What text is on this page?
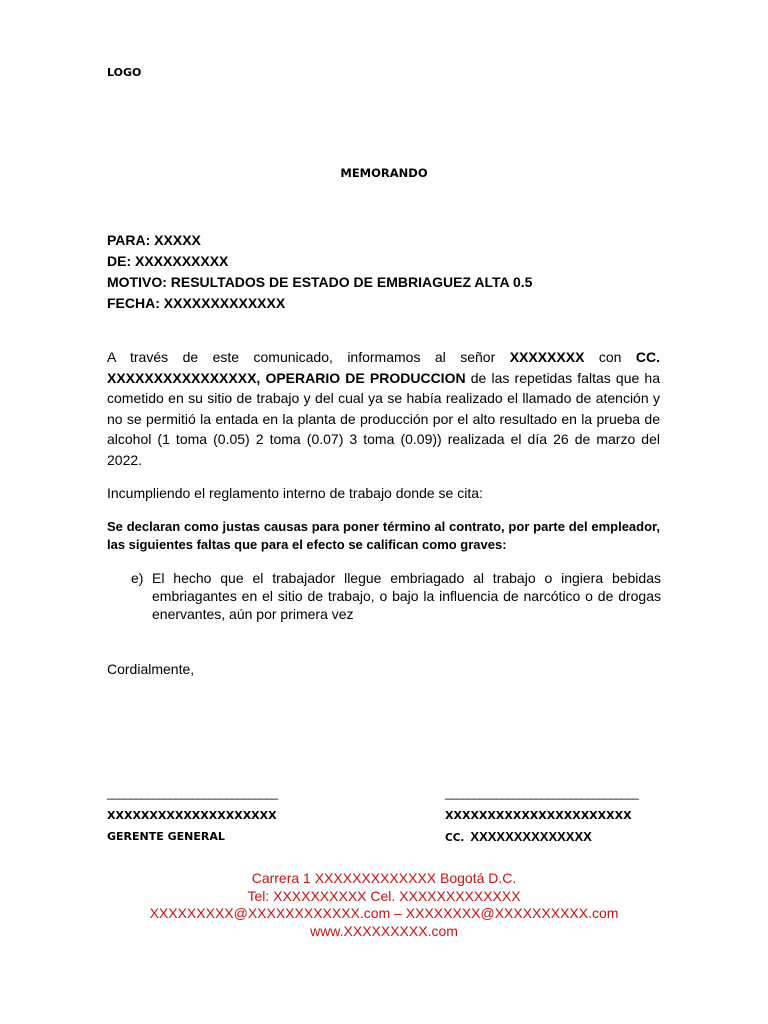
LOGO
MEMORANDO
PARA: XXXXX
DE: XXXXXXXXXX
MOTIVO: RESULTADOS DE ESTADO DE EMBRIAGUEZ ALTA 0.5
FECHA: XXXXXXXXXXXXX

A través de este comunicado, informamos al señor XXXXXXXX con CC. XXXXXXXXXXXXXXXX, OPERARIO DE PRODUCCION de las repetidas faltas que ha cometido en su sitio de trabajo y del cual ya se había realizado el llamado de atención y no se permitió la entada en la planta de producción por el alto resultado en la prueba de alcohol (1 toma (0.05) 2 toma (0.07) 3 toma (0.09)) realizada el día 26 de marzo del 2022.

Incumpliendo el reglamento interno de trabajo donde se cita:

Se declaran como justas causas para poner término al contrato, por parte del empleador, las siguientes faltas que para el efecto se califican como graves:

e) El hecho que el trabajador llegue embriagado al trabajo o ingiera bebidas embriagantes en el sitio de trabajo, o bajo la influencia de narcótico o de drogas enervantes, aún por primera vez
Cordialmente,
______________________________
XXXXXXXXXXXXXXXXXXXX
GERENTE GENERAL
__________________________________
XXXXXXXXXXXXXXXXXXXXXX
CC. XXXXXXXXXXXXXX
Carrera 1 XXXXXXXXXXXXX Bogotá D.C.
Tel: XXXXXXXXXX Cel. XXXXXXXXXXXXX
XXXXXXXXX@XXXXXXXXXXXX.com – XXXXXXXX@XXXXXXXXXX.com
www.XXXXXXXXX.com
